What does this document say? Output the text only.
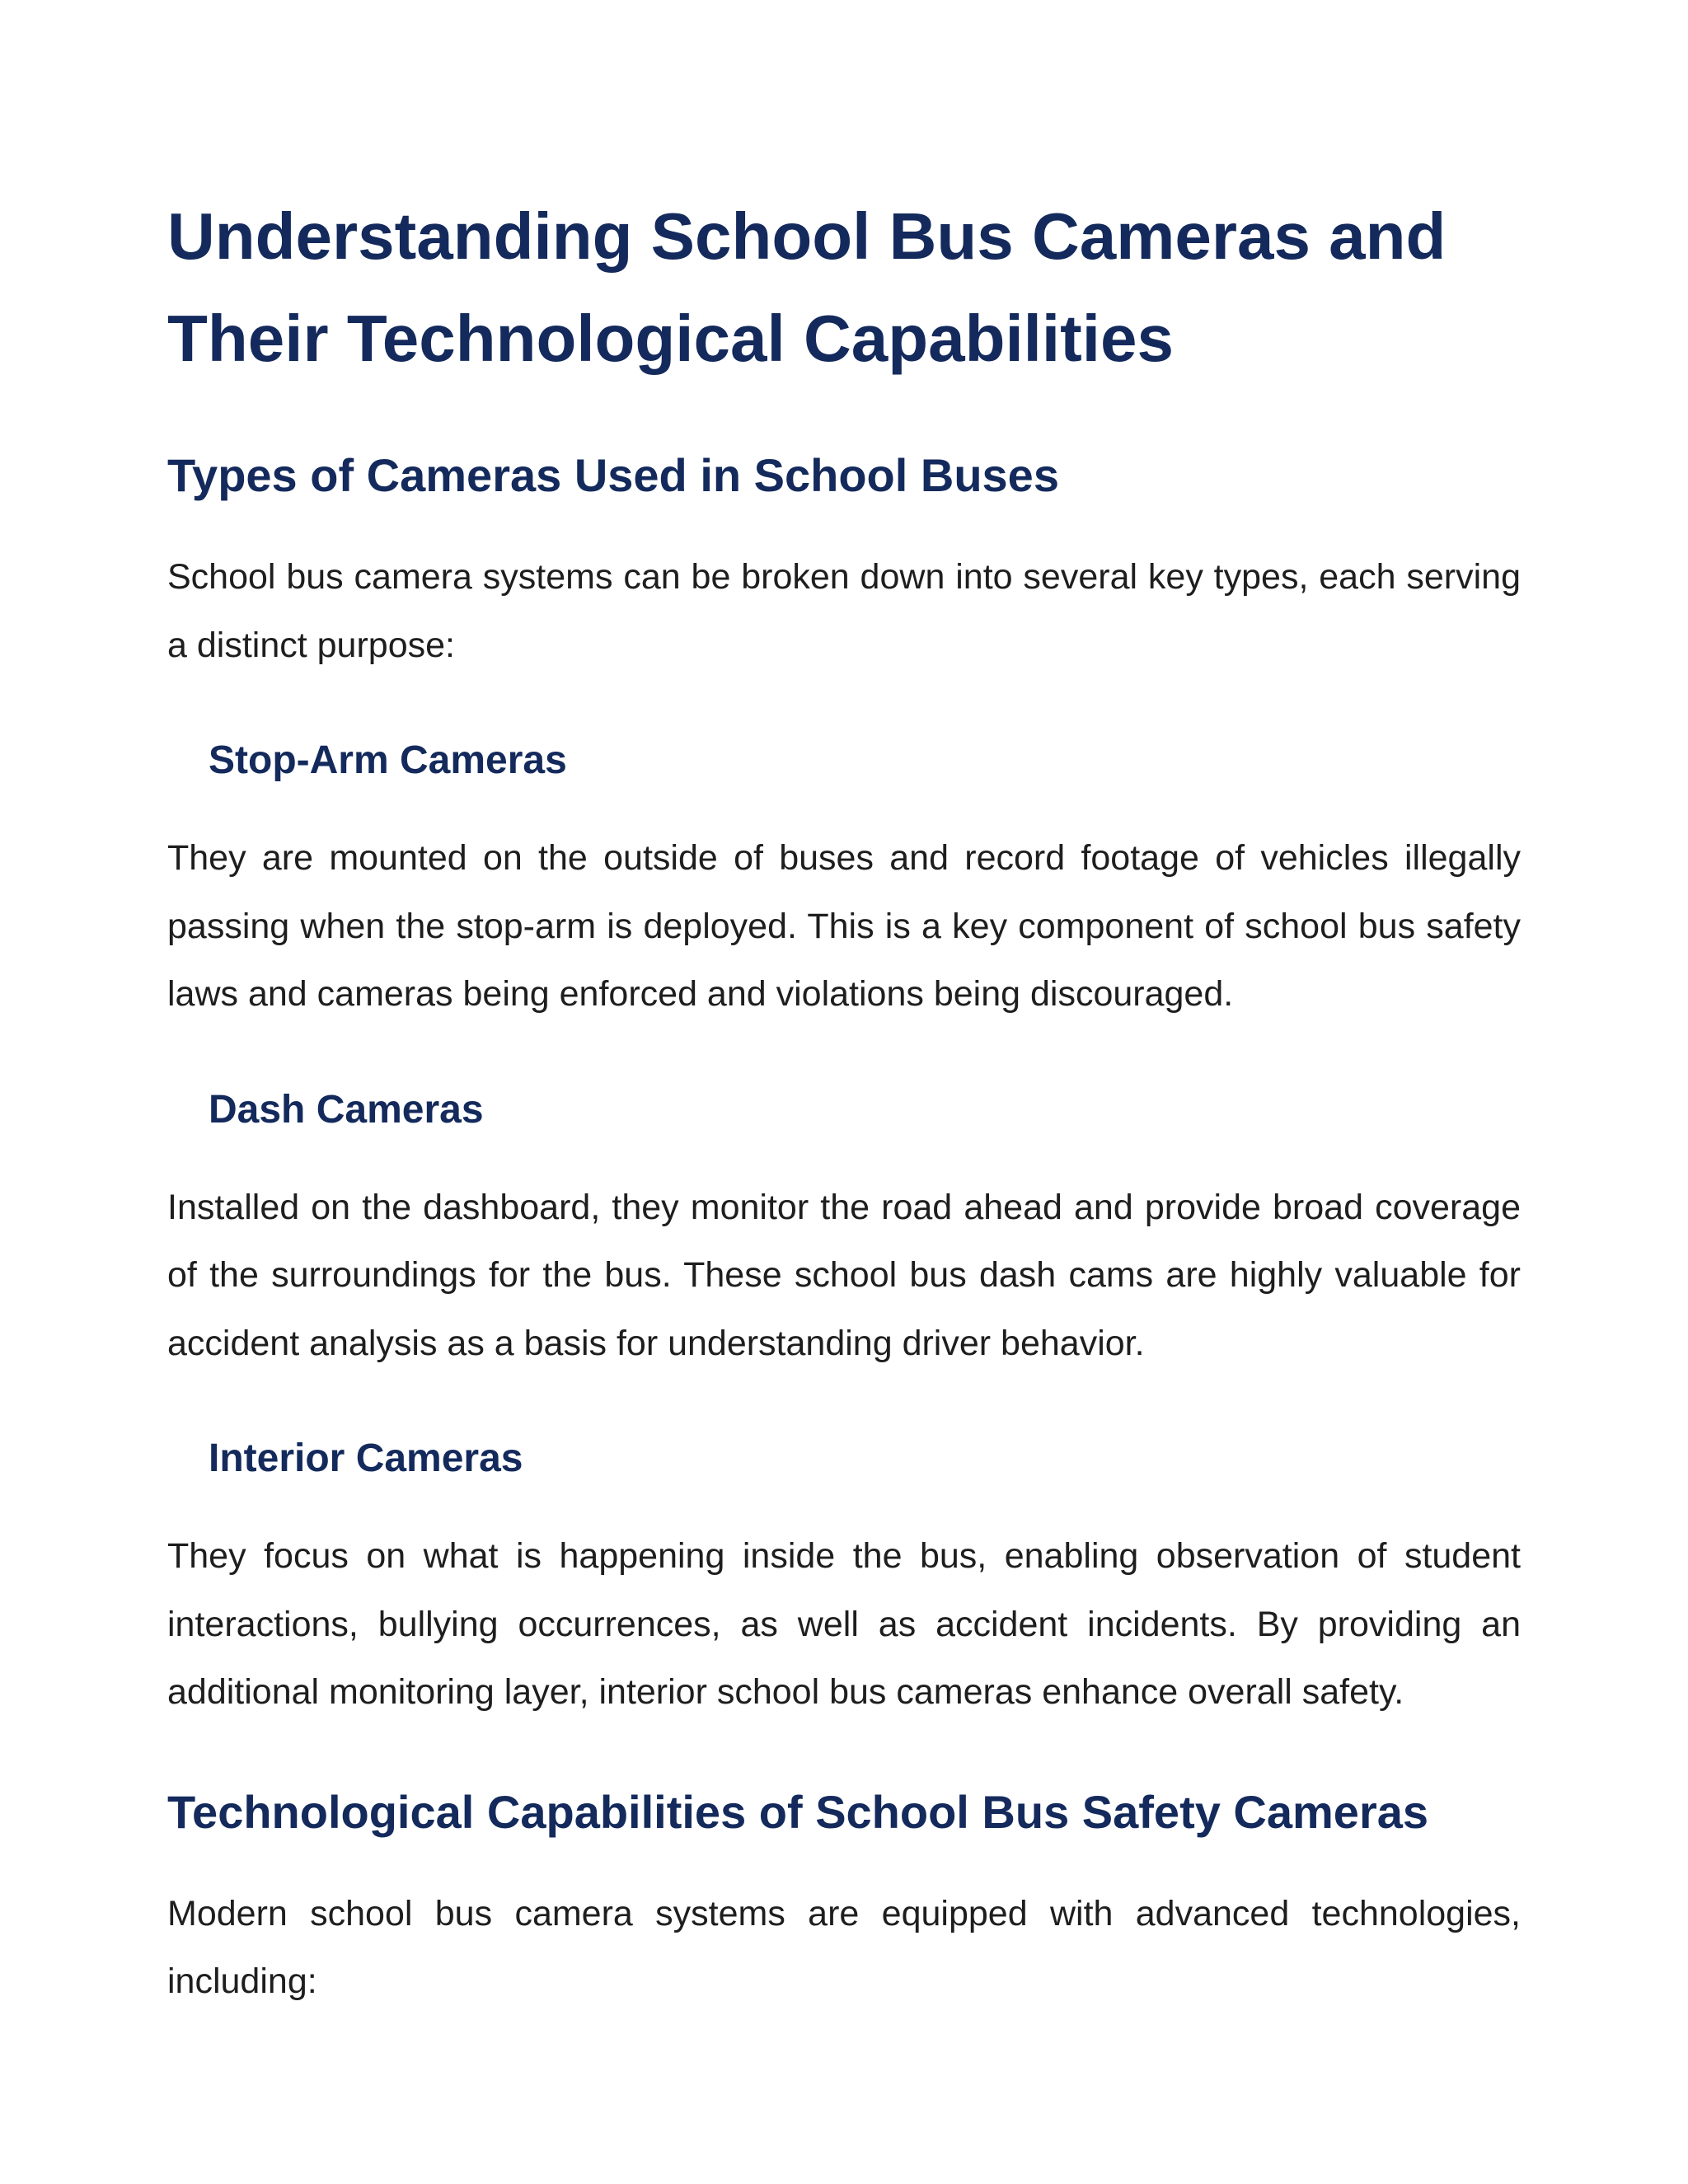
Understanding School Bus Cameras and Their Technological Capabilities
Types of Cameras Used in School Buses

School bus camera systems can be broken down into several key types, each serving a distinct purpose:

Stop-Arm Cameras

They are mounted on the outside of buses and record footage of vehicles illegally passing when the stop-arm is deployed. This is a key component of school bus safety laws and cameras being enforced and violations being discouraged.

Dash Cameras

Installed on the dashboard, they monitor the road ahead and provide broad coverage of the surroundings for the bus. These school bus dash cams are highly valuable for accident analysis as a basis for understanding driver behavior.

Interior Cameras

They focus on what is happening inside the bus, enabling observation of student interactions, bullying occurrences, as well as accident incidents. By providing an additional monitoring layer, interior school bus cameras enhance overall safety.

Technological Capabilities of School Bus Safety Cameras

Modern school bus camera systems are equipped with advanced technologies, including:
